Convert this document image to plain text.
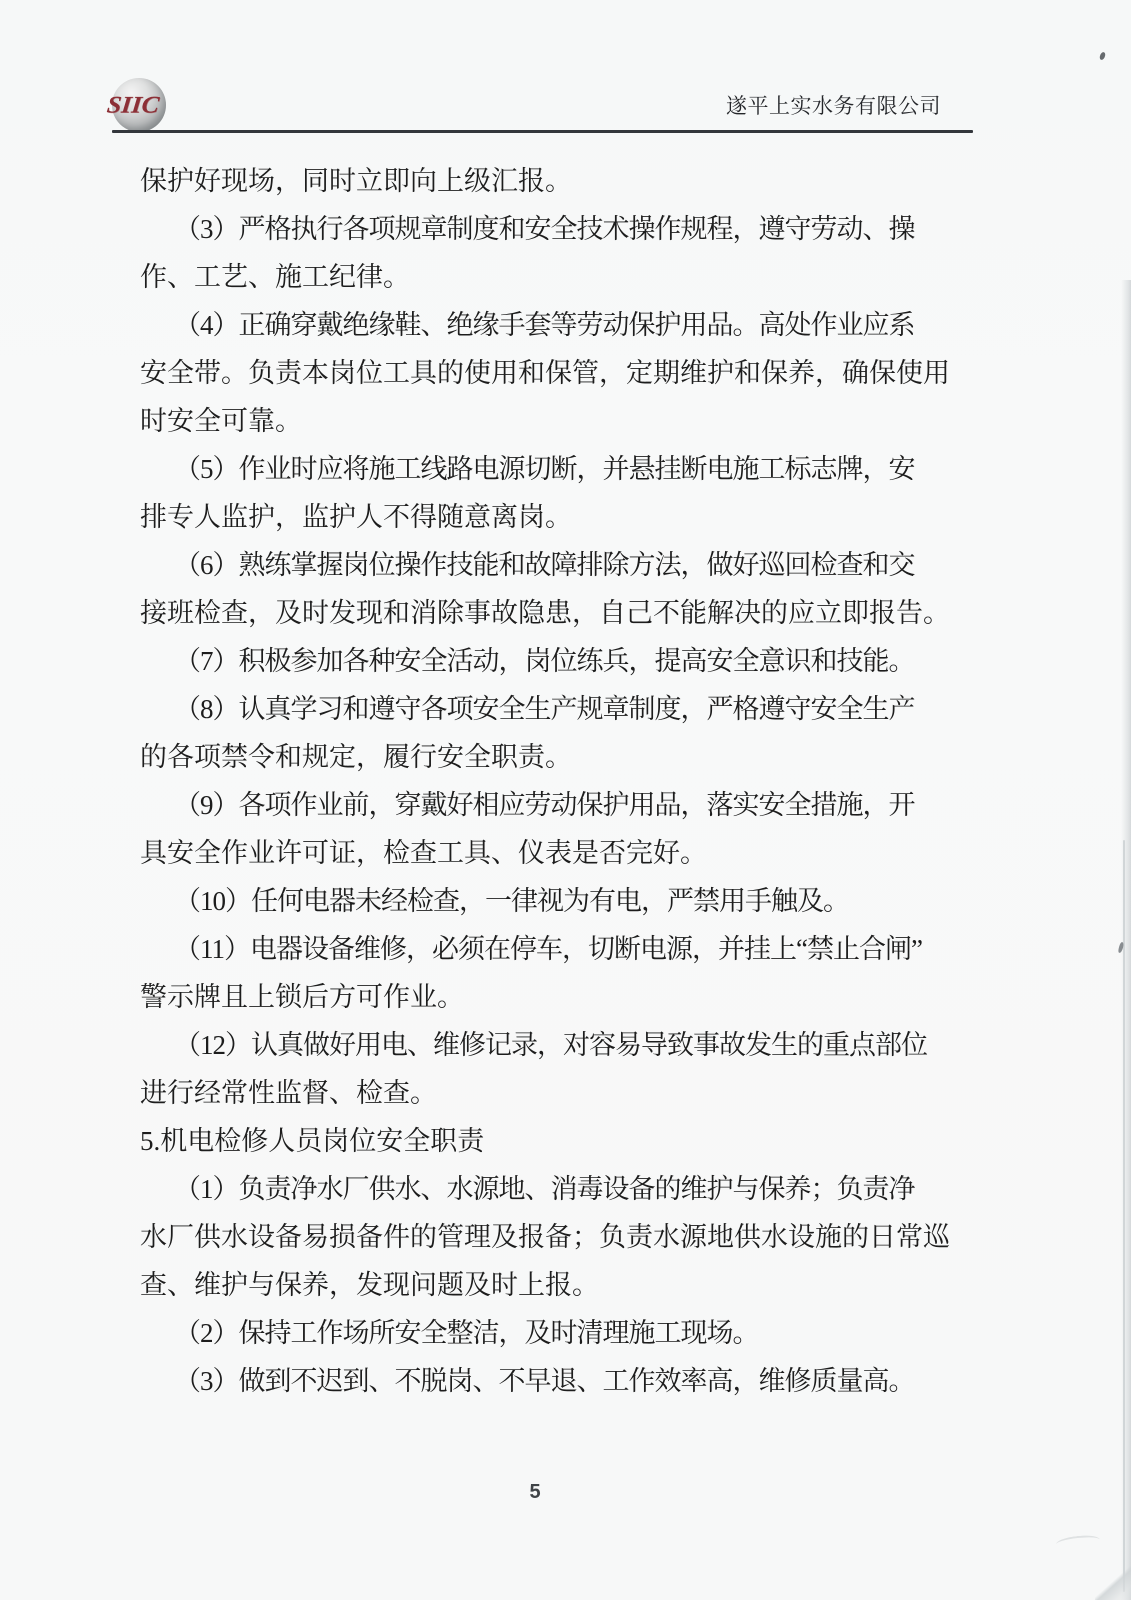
SIIC	遂平上实水务有限公司
保护好现场，同时立即向上级汇报。
（3）严格执行各项规章制度和安全技术操作规程，遵守劳动、操
作、工艺、施工纪律。
（4）正确穿戴绝缘鞋、绝缘手套等劳动保护用品。高处作业应系
安全带。负责本岗位工具的使用和保管，定期维护和保养，确保使用
时安全可靠。
（5）作业时应将施工线路电源切断，并悬挂断电施工标志牌，安
排专人监护，监护人不得随意离岗。
（6）熟练掌握岗位操作技能和故障排除方法，做好巡回检查和交
接班检查，及时发现和消除事故隐患，自己不能解决的应立即报告。
（7）积极参加各种安全活动，岗位练兵，提高安全意识和技能。
（8）认真学习和遵守各项安全生产规章制度，严格遵守安全生产
的各项禁令和规定，履行安全职责。
（9）各项作业前，穿戴好相应劳动保护用品，落实安全措施，开
具安全作业许可证，检查工具、仪表是否完好。
（10）任何电器未经检查，一律视为有电，严禁用手触及。
（11）电器设备维修，必须在停车，切断电源，并挂上“禁止合闸”
警示牌且上锁后方可作业。
（12）认真做好用电、维修记录，对容易导致事故发生的重点部位
进行经常性监督、检查。
5.机电检修人员岗位安全职责
（1）负责净水厂供水、水源地、消毒设备的维护与保养；负责净
水厂供水设备易损备件的管理及报备；负责水源地供水设施的日常巡
查、维护与保养，发现问题及时上报。
（2）保持工作场所安全整洁，及时清理施工现场。
（3）做到不迟到、不脱岗、不早退、工作效率高，维修质量高。
5
